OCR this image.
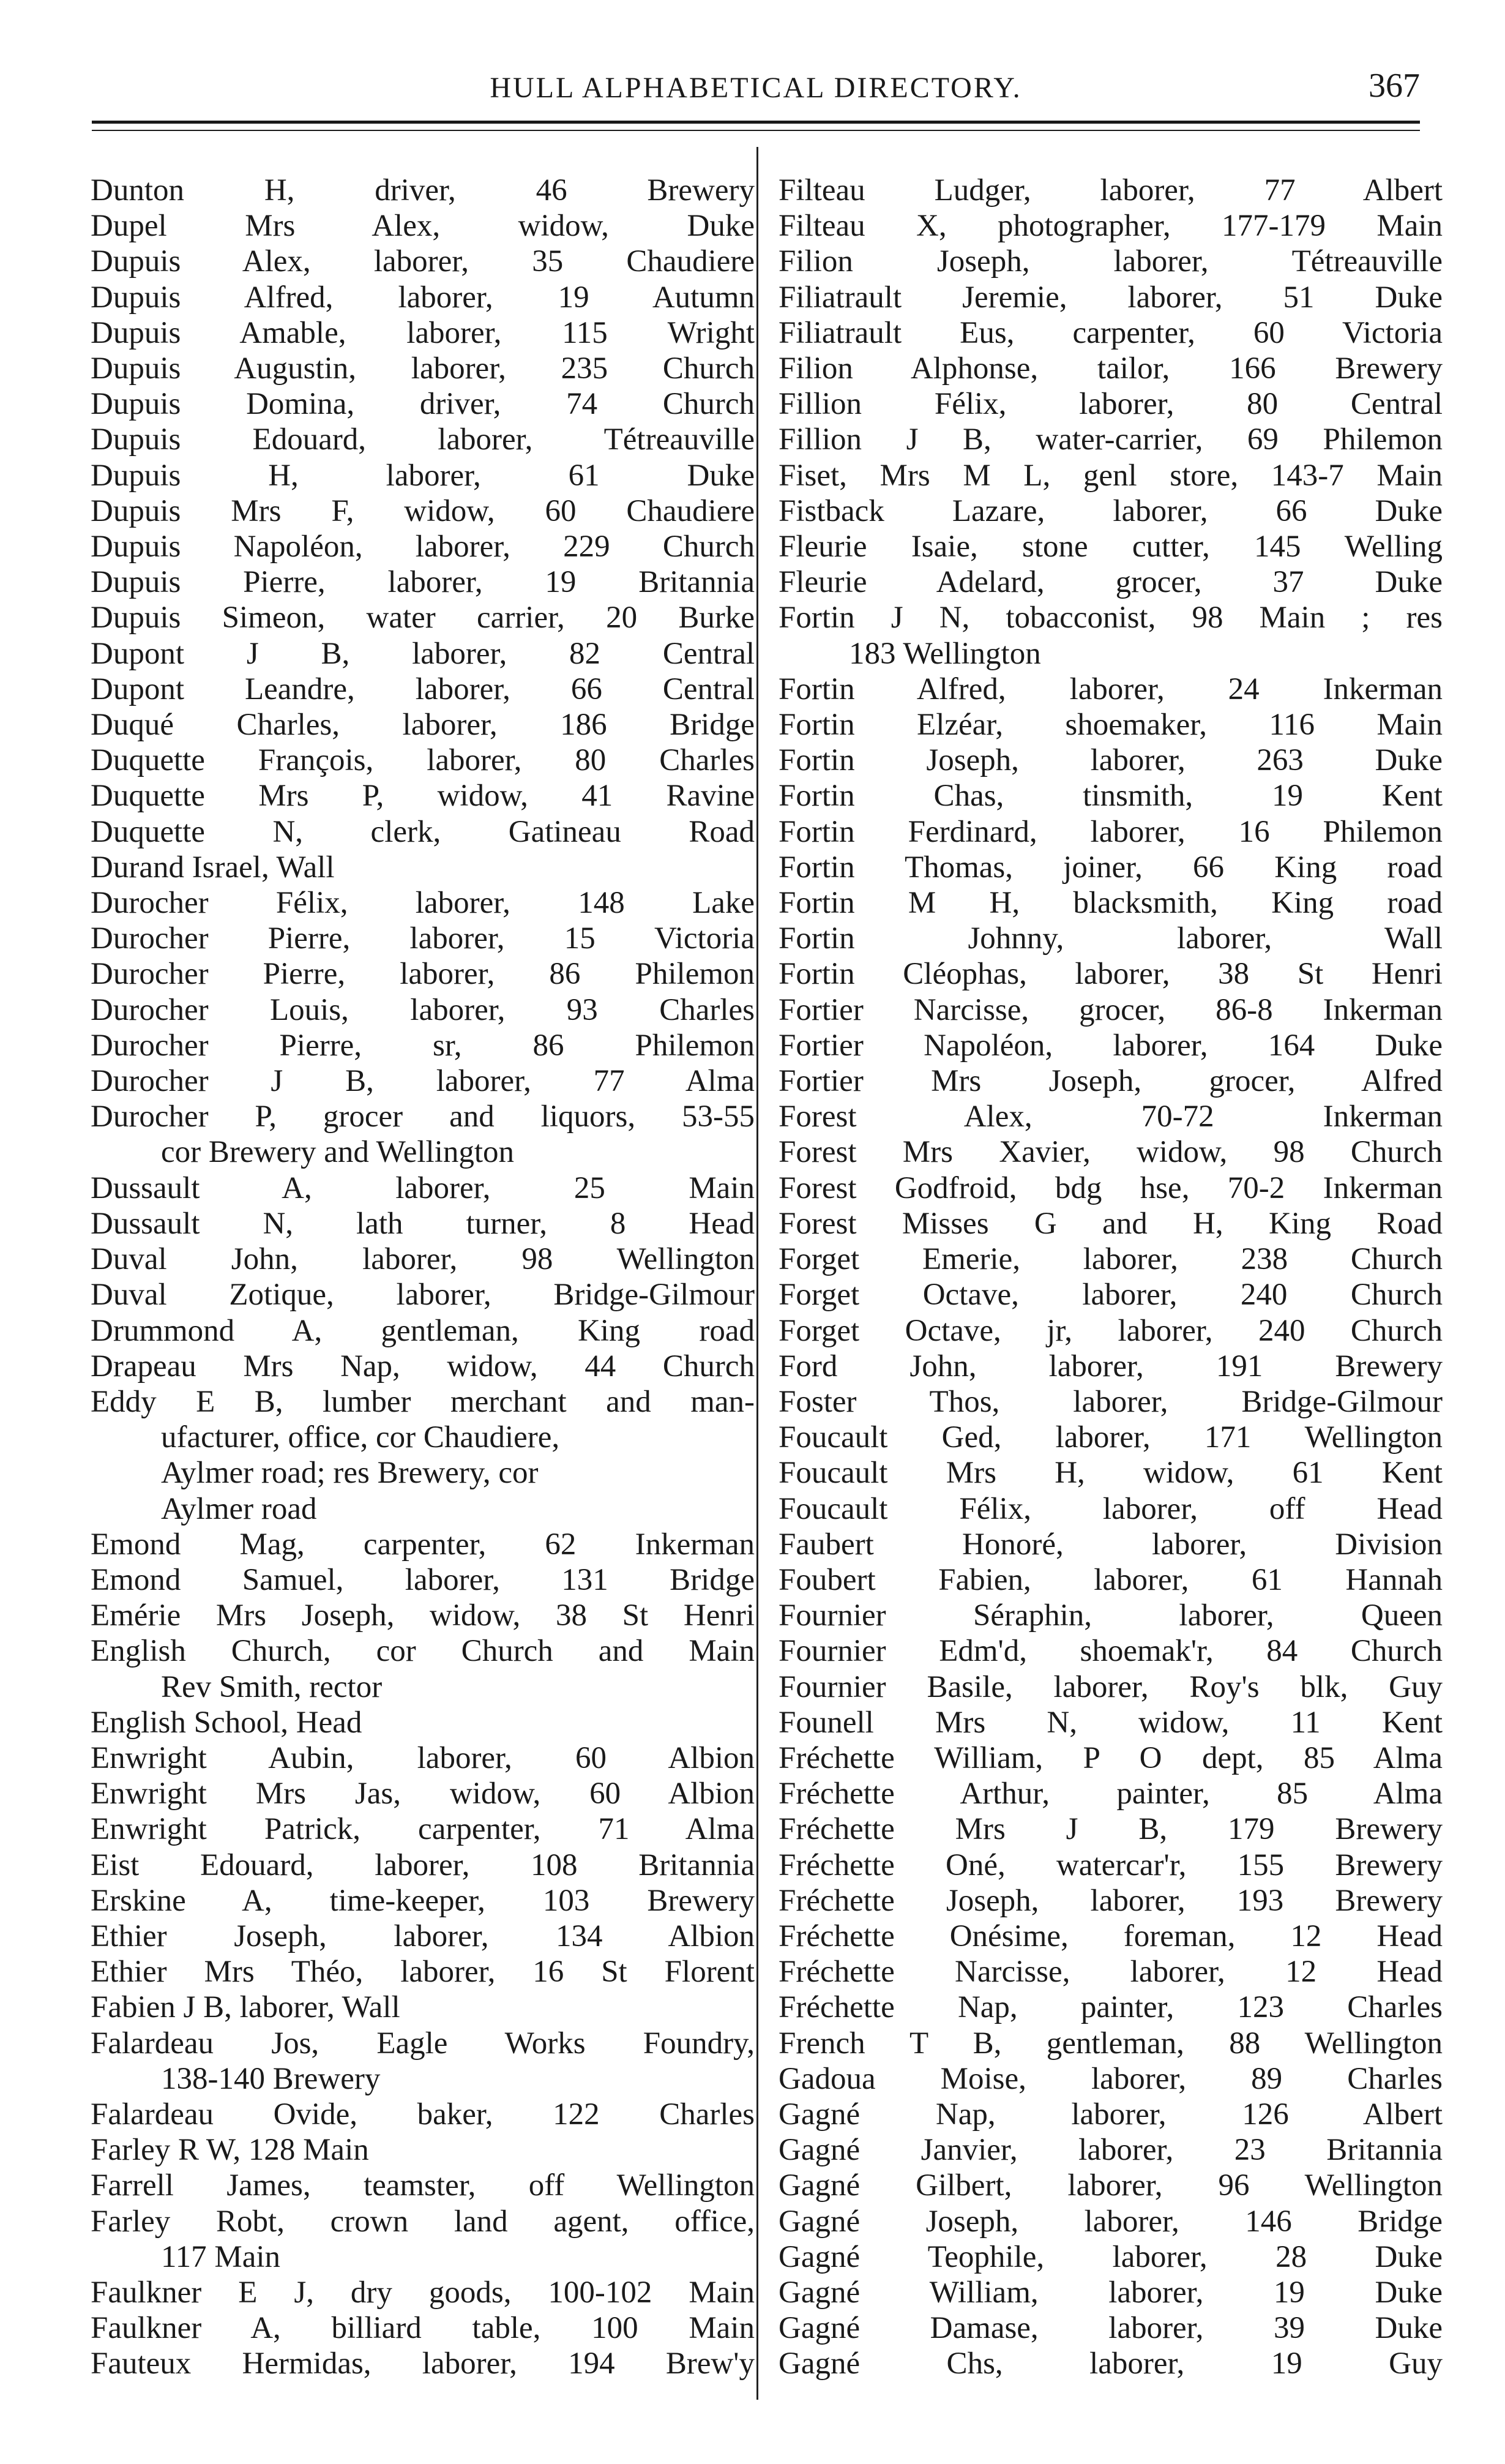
HULL ALPHABETICAL DIRECTORY.	367
Dunton H, driver, 46 Brewery
Dupel Mrs Alex, widow, Duke
Dupuis Alex, laborer, 35 Chaudiere
Dupuis Alfred, laborer, 19 Autumn
Dupuis Amable, laborer, 115 Wright
Dupuis Augustin, laborer, 235 Church
Dupuis Domina, driver, 74 Church
Dupuis Edouard, laborer, Tétreauville
Dupuis H, laborer, 61 Duke
Dupuis Mrs F, widow, 60 Chaudiere
Dupuis Napoléon, laborer, 229 Church
Dupuis Pierre, laborer, 19 Britannia
Dupuis Simeon, water carrier, 20 Burke
Dupont J B, laborer, 82 Central
Dupont Leandre, laborer, 66 Central
Duqué Charles, laborer, 186 Bridge
Duquette François, laborer, 80 Charles
Duquette Mrs P, widow, 41 Ravine
Duquette N, clerk, Gatineau Road
Durand Israel, Wall
Durocher Félix, laborer, 148 Lake
Durocher Pierre, laborer, 15 Victoria
Durocher Pierre, laborer, 86 Philemon
Durocher Louis, laborer, 93 Charles
Durocher Pierre, sr, 86 Philemon
Durocher J B, laborer, 77 Alma
Durocher P, grocer and liquors, 53-55
cor Brewery and Wellington
Dussault A, laborer, 25 Main
Dussault N, lath turner, 8 Head
Duval John, laborer, 98 Wellington
Duval Zotique, laborer, Bridge-Gilmour
Drummond A, gentleman, King road
Drapeau Mrs Nap, widow, 44 Church
Eddy E B, lumber merchant and man-
ufacturer, office, cor Chaudiere,
Aylmer road; res Brewery, cor
Aylmer road
Emond Mag, carpenter, 62 Inkerman
Emond Samuel, laborer, 131 Bridge
Emérie Mrs Joseph, widow, 38 St Henri
English Church, cor Church and Main
Rev Smith, rector
English School, Head
Enwright Aubin, laborer, 60 Albion
Enwright Mrs Jas, widow, 60 Albion
Enwright Patrick, carpenter, 71 Alma
Eist Edouard, laborer, 108 Britannia
Erskine A, time-keeper, 103 Brewery
Ethier Joseph, laborer, 134 Albion
Ethier Mrs Théo, laborer, 16 St Florent
Fabien J B, laborer, Wall
Falardeau Jos, Eagle Works Foundry,
138-140 Brewery
Falardeau Ovide, baker, 122 Charles
Farley R W, 128 Main
Farrell James, teamster, off Wellington
Farley Robt, crown land agent, office,
117 Main
Faulkner E J, dry goods, 100-102 Main
Faulkner A, billiard table, 100 Main
Fauteux Hermidas, laborer, 194 Brew'y
Filteau Ludger, laborer, 77 Albert
Filteau X, photographer, 177-179 Main
Filion Joseph, laborer, Tétreauville
Filiatrault Jeremie, laborer, 51 Duke
Filiatrault Eus, carpenter, 60 Victoria
Filion Alphonse, tailor, 166 Brewery
Fillion Félix, laborer, 80 Central
Fillion J B, water-carrier, 69 Philemon
Fiset, Mrs M L, genl store, 143-7 Main
Fistback Lazare, laborer, 66 Duke
Fleurie Isaie, stone cutter, 145 Welling
Fleurie Adelard, grocer, 37 Duke
Fortin J N, tobacconist, 98 Main ; res
183 Wellington
Fortin Alfred, laborer, 24 Inkerman
Fortin Elzéar, shoemaker, 116 Main
Fortin Joseph, laborer, 263 Duke
Fortin Chas, tinsmith, 19 Kent
Fortin Ferdinard, laborer, 16 Philemon
Fortin Thomas, joiner, 66 King road
Fortin M H, blacksmith, King road
Fortin Johnny, laborer, Wall
Fortin Cléophas, laborer, 38 St Henri
Fortier Narcisse, grocer, 86-8 Inkerman
Fortier Napoléon, laborer, 164 Duke
Fortier Mrs Joseph, grocer, Alfred
Forest Alex, 70-72 Inkerman
Forest Mrs Xavier, widow, 98 Church
Forest Godfroid, bdg hse, 70-2 Inkerman
Forest Misses G and H, King Road
Forget Emerie, laborer, 238 Church
Forget Octave, laborer, 240 Church
Forget Octave, jr, laborer, 240 Church
Ford John, laborer, 191 Brewery
Foster Thos, laborer, Bridge-Gilmour
Foucault Ged, laborer, 171 Wellington
Foucault Mrs H, widow, 61 Kent
Foucault Félix, laborer, off Head
Faubert Honoré, laborer, Division
Foubert Fabien, laborer, 61 Hannah
Fournier Séraphin, laborer, Queen
Fournier Edm'd, shoemak'r, 84 Church
Fournier Basile, laborer, Roy's blk, Guy
Founell Mrs N, widow, 11 Kent
Fréchette William, P O dept, 85 Alma
Fréchette Arthur, painter, 85 Alma
Fréchette Mrs J B, 179 Brewery
Fréchette Oné, watercar'r, 155 Brewery
Fréchette Joseph, laborer, 193 Brewery
Fréchette Onésime, foreman, 12 Head
Fréchette Narcisse, laborer, 12 Head
Fréchette Nap, painter, 123 Charles
French T B, gentleman, 88 Wellington
Gadoua Moise, laborer, 89 Charles
Gagné Nap, laborer, 126 Albert
Gagné Janvier, laborer, 23 Britannia
Gagné Gilbert, laborer, 96 Wellington
Gagné Joseph, laborer, 146 Bridge
Gagné Teophile, laborer, 28 Duke
Gagné William, laborer, 19 Duke
Gagné Damase, laborer, 39 Duke
Gagné Chs, laborer, 19 Guy
